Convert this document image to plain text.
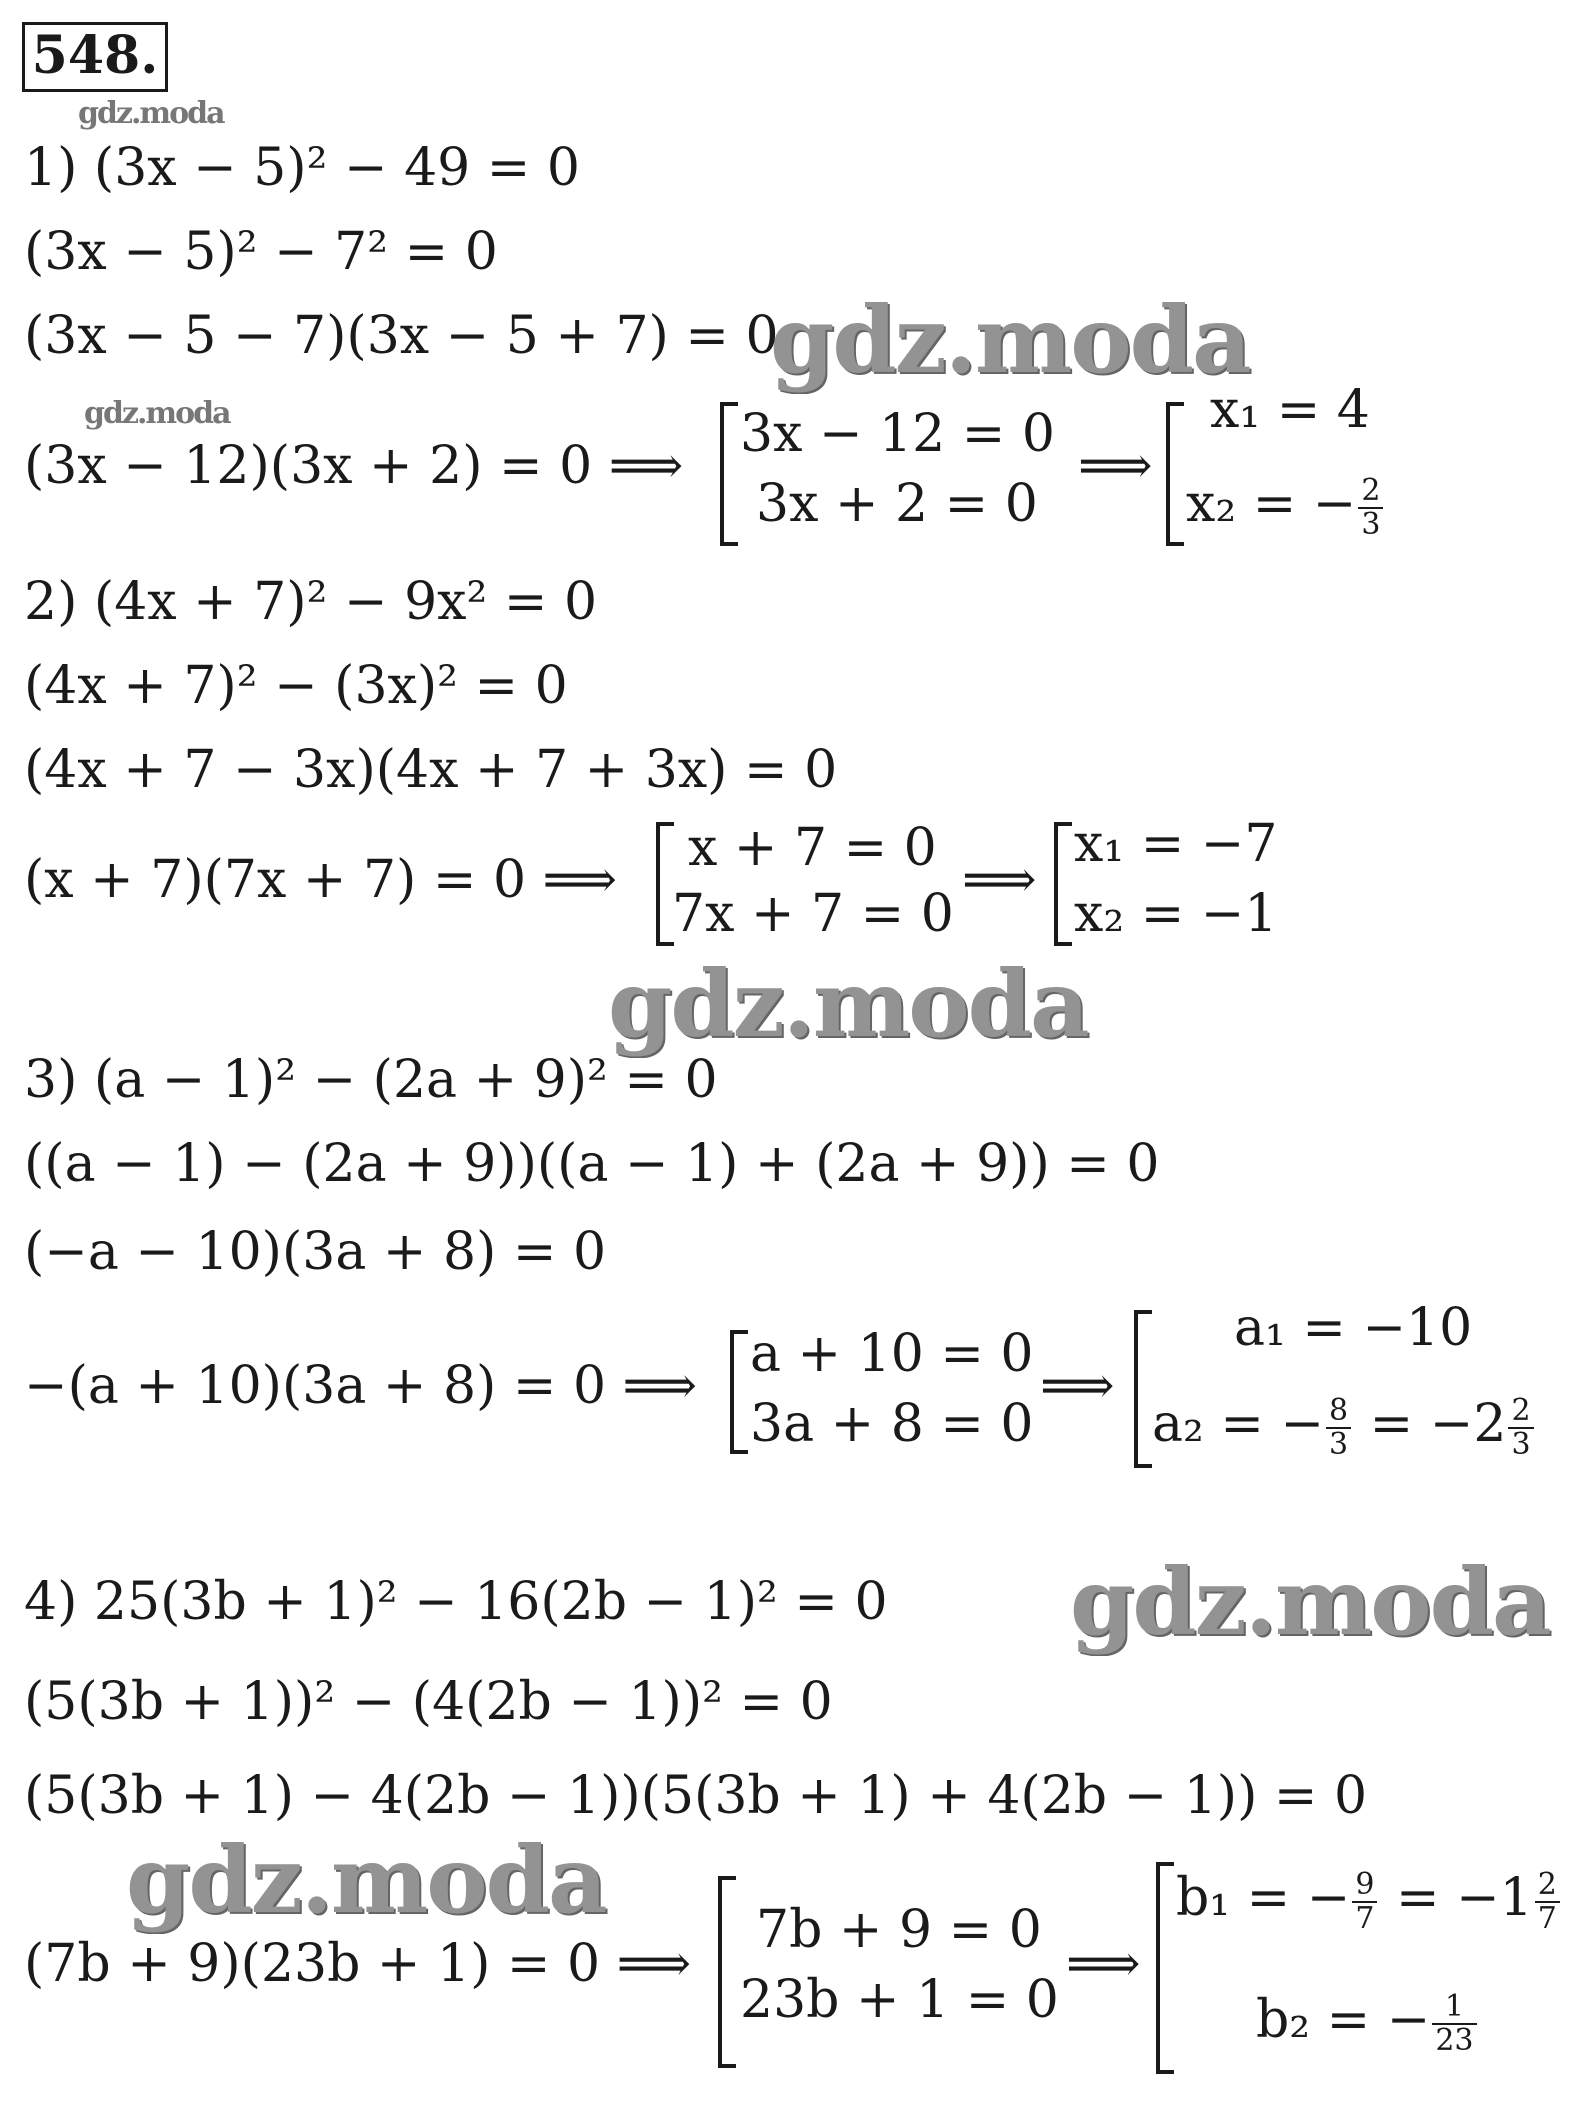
548.
gdz.moda
gdz.moda
gdz.moda
gdz.moda
gdz.moda
gdz.moda
1) (3x − 5)² − 49 = 0
(3x − 5)² − 7² = 0
(3x − 5 − 7)(3x − 5 + 7) = 0
(3x − 12)(3x + 2) = 0 ⟹
3x − 12 = 0
3x + 2 = 0
⟹
x₁ = 4
x₂ = − $\frac{2}{3}$
2) (4x + 7)² − 9x² = 0
(4x + 7)² − (3x)² = 0
(4x + 7 − 3x)(4x + 7 + 3x) = 0
(x + 7)(7x + 7) = 0 ⟹
x + 7 = 0
7x + 7 = 0
⟹
x₁ = −7
x₂ = −1
3) (a − 1)² − (2a + 9)² = 0
((a − 1) − (2a + 9))((a − 1) + (2a + 9)) = 0
(−a − 10)(3a + 8) = 0
−(a + 10)(3a + 8) = 0 ⟹
a + 10 = 0
3a + 8 = 0
⟹
a₁ = −10
a₂ = − $\frac{8}{3} = -2 \frac{2}{3}$
4) 25(3b + 1)² − 16(2b − 1)² = 0
(5(3b + 1))² − (4(2b − 1))² = 0
(5(3b + 1) − 4(2b − 1))(5(3b + 1) + 4(2b − 1)) = 0
(7b + 9)(23b + 1) = 0 ⟹
7b + 9 = 0
23b + 1 = 0
⟹
b₁ = − $\frac{9}{7} = -1 \frac{2}{7}$
b₂ = − $\frac{1}{23}$
